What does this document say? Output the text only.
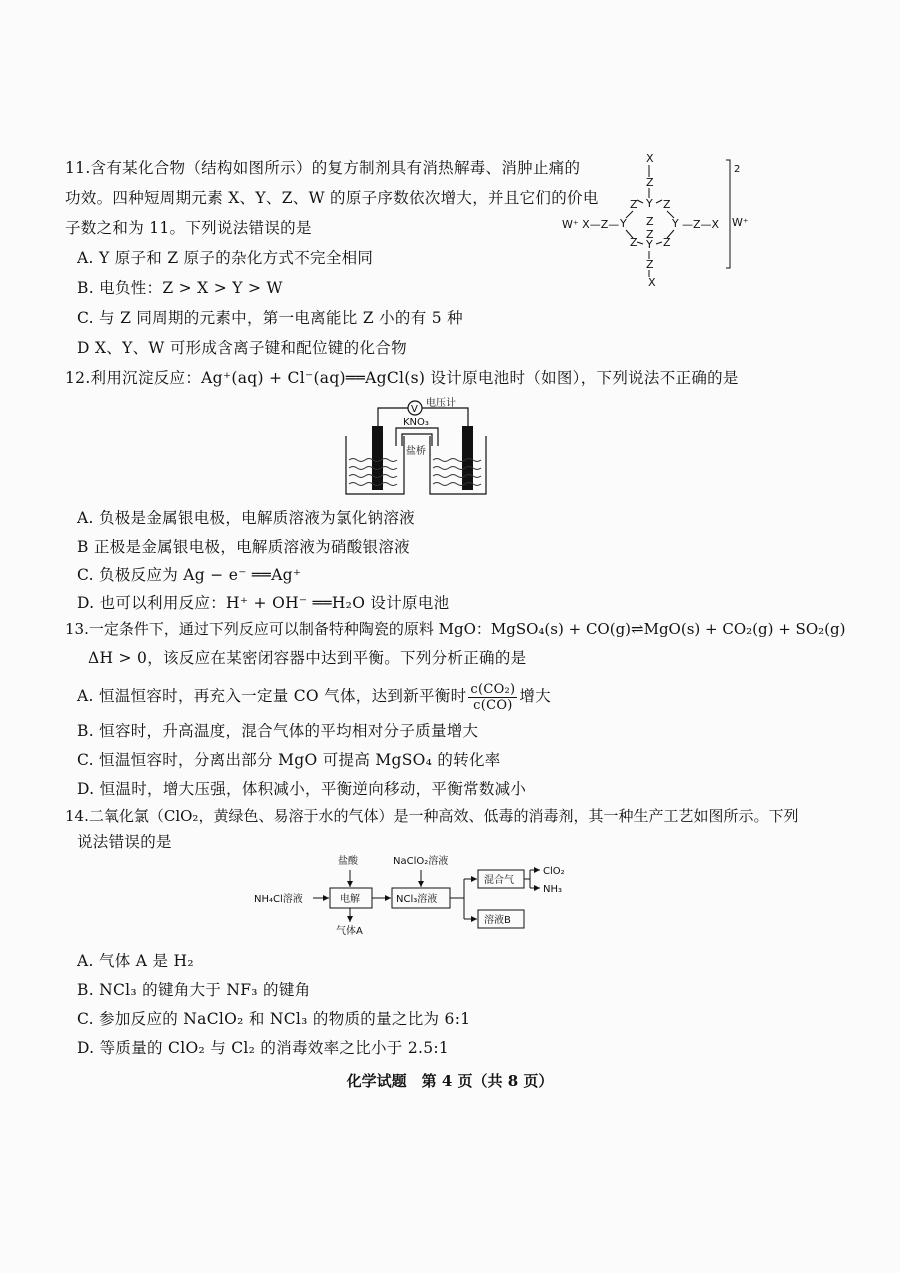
11.含有某化合物（结构如图所示）的复方制剂具有消热解毒、消肿止痛的
功效。四种短周期元素 X、Y、Z、W 的原子序数依次增大，并且它们的价电
子数之和为 11。下列说法错误的是
A. Y 原子和 Z 原子的杂化方式不完全相同
B. 电负性：Z > X > Y > W
C. 与 Z 同周期的元素中，第一电离能比 Z 小的有 5 种
D X、Y、W 可形成含离子键和配位键的化合物
X
Z
Y
Z Z
Z
Z
Y
Z Z
Y	Y
Z
X
W⁺ X—Z—	—Z—X W⁺
2
12.利用沉淀反应：Ag⁺(aq) + Cl⁻(aq)══AgCl(s) 设计原电池时（如图），下列说法不正确的是
V
电压计
KNO₃
盐桥
A. 负极是金属银电极，电解质溶液为氯化钠溶液
B 正极是金属银电极，电解质溶液为硝酸银溶液
C. 负极反应为 Ag − e⁻ ══Ag⁺
D. 也可以利用反应：H⁺ + OH⁻ ══H₂O 设计原电池
13.一定条件下，通过下列反应可以制备特种陶瓷的原料 MgO：MgSO₄(s) + CO(g)⇌MgO(s) + CO₂(g) + SO₂(g)
ΔH > 0，该反应在某密闭容器中达到平衡。下列分析正确的是
A. 恒温恒容时，再充入一定量 CO 气体，达到新平衡时 $\frac{\text{c(CO₂)}}{c(CO)}$ 增大
B. 恒容时，升高温度，混合气体的平均相对分子质量增大
C. 恒温恒容时，分离出部分 MgO 可提高 MgSO₄ 的转化率
D. 恒温时，增大压强，体积减小，平衡逆向移动，平衡常数减小
14.二氧化氯（ClO₂，黄绿色、易溶于水的气体）是一种高效、低毒的消毒剂，其一种生产工艺如图所示。下列
说法错误的是
NH₄Cl溶液
盐酸
电解
气体A
NaClO₂溶液
NCl₃溶液
混合气
溶液B
ClO₂
NH₃
A. 气体 A 是 H₂
B. NCl₃ 的键角大于 NF₃ 的键角
C. 参加反应的 NaClO₂ 和 NCl₃ 的物质的量之比为 6:1
D. 等质量的 ClO₂ 与 Cl₂ 的消毒效率之比小于 2.5:1
化学试题　第 4 页（共 8 页）
